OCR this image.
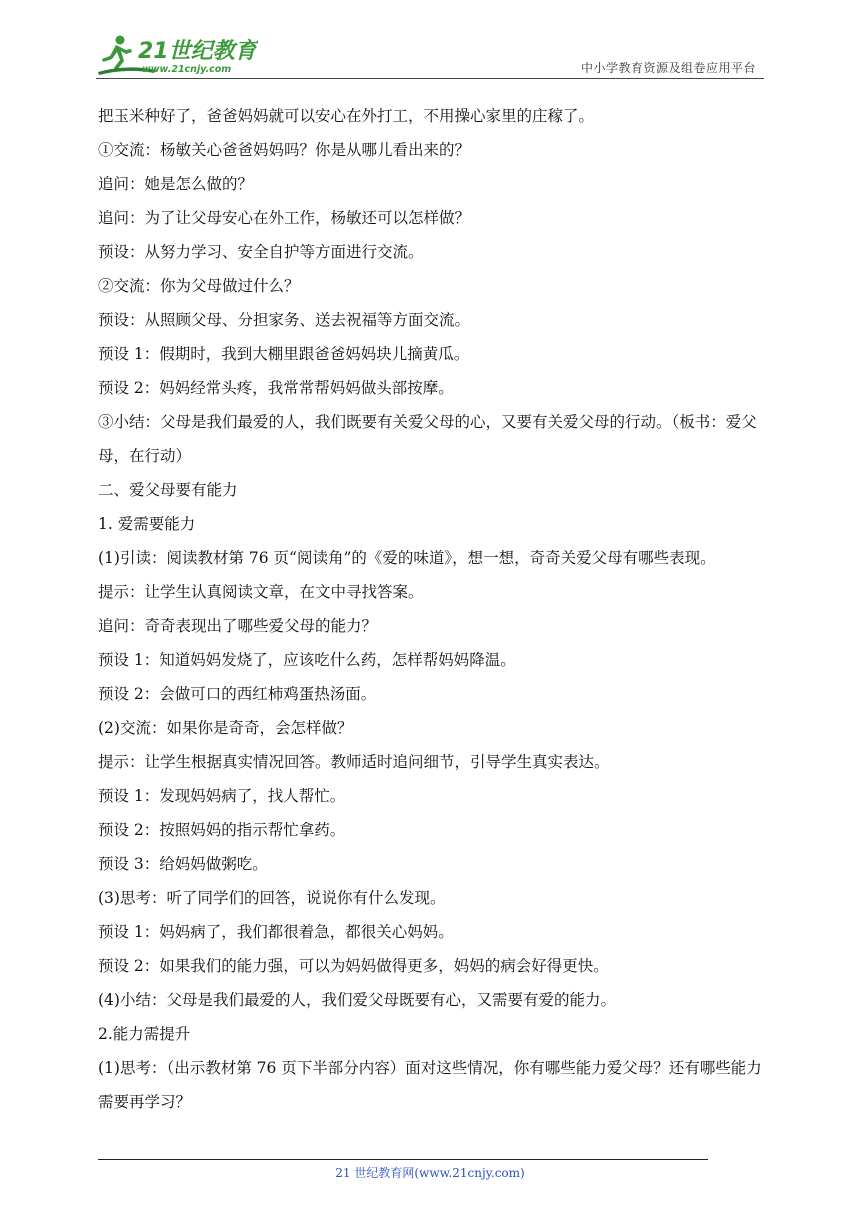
21世纪教育
www.21cnjy.com	中小学教育资源及组卷应用平台

把玉米种好了，爸爸妈妈就可以安心在外打工，不用操心家里的庄稼了。

①交流：杨敏关心爸爸妈妈吗？你是从哪儿看出来的？

追问：她是怎么做的？

追问：为了让父母安心在外工作，杨敏还可以怎样做？

预设：从努力学习、安全自护等方面进行交流。

②交流：你为父母做过什么？

预设：从照顾父母、分担家务、送去祝福等方面交流。

预设 1：假期时，我到大棚里跟爸爸妈妈块儿摘黄瓜。

预设 2：妈妈经常头疼，我常常帮妈妈做头部按摩。

③小结：父母是我们最爱的人，我们既要有关爱父母的心，又要有关爱父母的行动。（板书：爱父母，在行动）

二、爱父母要有能力

1. 爱需要能力

(1)引读：阅读教材第 76 页“阅读角”的《爱的味道》，想一想，奇奇关爱父母有哪些表现。

提示：让学生认真阅读文章，在文中寻找答案。

追问：奇奇表现出了哪些爱父母的能力？

预设 1：知道妈妈发烧了，应该吃什么药，怎样帮妈妈降温。

预设 2：会做可口的西红柿鸡蛋热汤面。

(2)交流：如果你是奇奇，会怎样做？

提示：让学生根据真实情况回答。教师适时追问细节，引导学生真实表达。

预设 1：发现妈妈病了，找人帮忙。

预设 2：按照妈妈的指示帮忙拿药。

预设 3：给妈妈做粥吃。

(3)思考：听了同学们的回答，说说你有什么发现。

预设 1：妈妈病了，我们都很着急，都很关心妈妈。

预设 2：如果我们的能力强，可以为妈妈做得更多，妈妈的病会好得更快。

(4)小结：父母是我们最爱的人，我们爱父母既要有心，又需要有爱的能力。

2.能力需提升

(1)思考：（出示教材第 76 页下半部分内容）面对这些情况，你有哪些能力爱父母？还有哪些能力需要再学习？

21 世纪教育网(www.21cnjy.com)
